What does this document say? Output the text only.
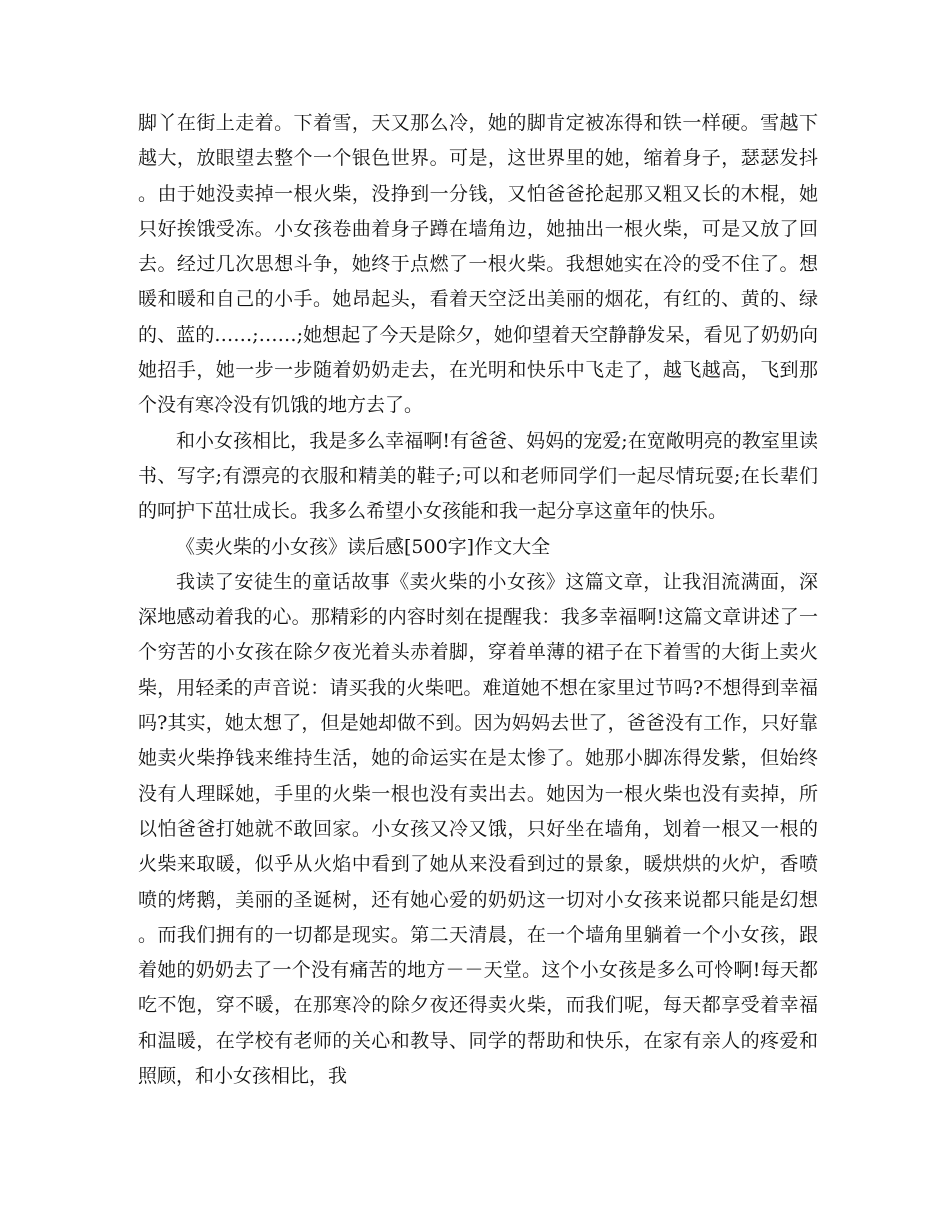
脚丫在街上走着。下着雪，天又那么冷，她的脚肯定被冻得和铁一样硬。雪越下越大，放眼望去整个一个银色世界。可是，这世界里的她，缩着身子，瑟瑟发抖。由于她没卖掉一根火柴，没挣到一分钱，又怕爸爸抡起那又粗又长的木棍，她只好挨饿受冻。小女孩卷曲着身子蹲在墙角边，她抽出一根火柴，可是又放了回去。经过几次思想斗争，她终于点燃了一根火柴。我想她实在冷的受不住了。想暖和暖和自己的小手。她昂起头，看着天空泛出美丽的烟花，有红的、黄的、绿的、蓝的……;……;她想起了今天是除夕，她仰望着天空静静发呆，看见了奶奶向她招手，她一步一步随着奶奶走去，在光明和快乐中飞走了，越飞越高，飞到那个没有寒冷没有饥饿的地方去了。

和小女孩相比，我是多么幸福啊!有爸爸、妈妈的宠爱;在宽敞明亮的教室里读书、写字;有漂亮的衣服和精美的鞋子;可以和老师同学们一起尽情玩耍;在长辈们的呵护下茁壮成长。我多么希望小女孩能和我一起分享这童年的快乐。

《卖火柴的小女孩》读后感[500字]作文大全

我读了安徒生的童话故事《卖火柴的小女孩》这篇文章，让我泪流满面，深深地感动着我的心。那精彩的内容时刻在提醒我：我多幸福啊!这篇文章讲述了一个穷苦的小女孩在除夕夜光着头赤着脚，穿着单薄的裙子在下着雪的大街上卖火柴，用轻柔的声音说：请买我的火柴吧。难道她不想在家里过节吗?不想得到幸福吗?其实，她太想了，但是她却做不到。因为妈妈去世了，爸爸没有工作，只好靠她卖火柴挣钱来维持生活，她的命运实在是太惨了。她那小脚冻得发紫，但始终没有人理睬她，手里的火柴一根也没有卖出去。她因为一根火柴也没有卖掉，所以怕爸爸打她就不敢回家。小女孩又冷又饿，只好坐在墙角，划着一根又一根的火柴来取暖，似乎从火焰中看到了她从来没看到过的景象，暖烘烘的火炉，香喷喷的烤鹅，美丽的圣诞树，还有她心爱的奶奶这一切对小女孩来说都只能是幻想。而我们拥有的一切都是现实。第二天清晨，在一个墙角里躺着一个小女孩，跟着她的奶奶去了一个没有痛苦的地方－－天堂。这个小女孩是多么可怜啊!每天都吃不饱，穿不暖，在那寒冷的除夕夜还得卖火柴，而我们呢，每天都享受着幸福和温暖，在学校有老师的关心和教导、同学的帮助和快乐，在家有亲人的疼爱和照顾，和小女孩相比，我
